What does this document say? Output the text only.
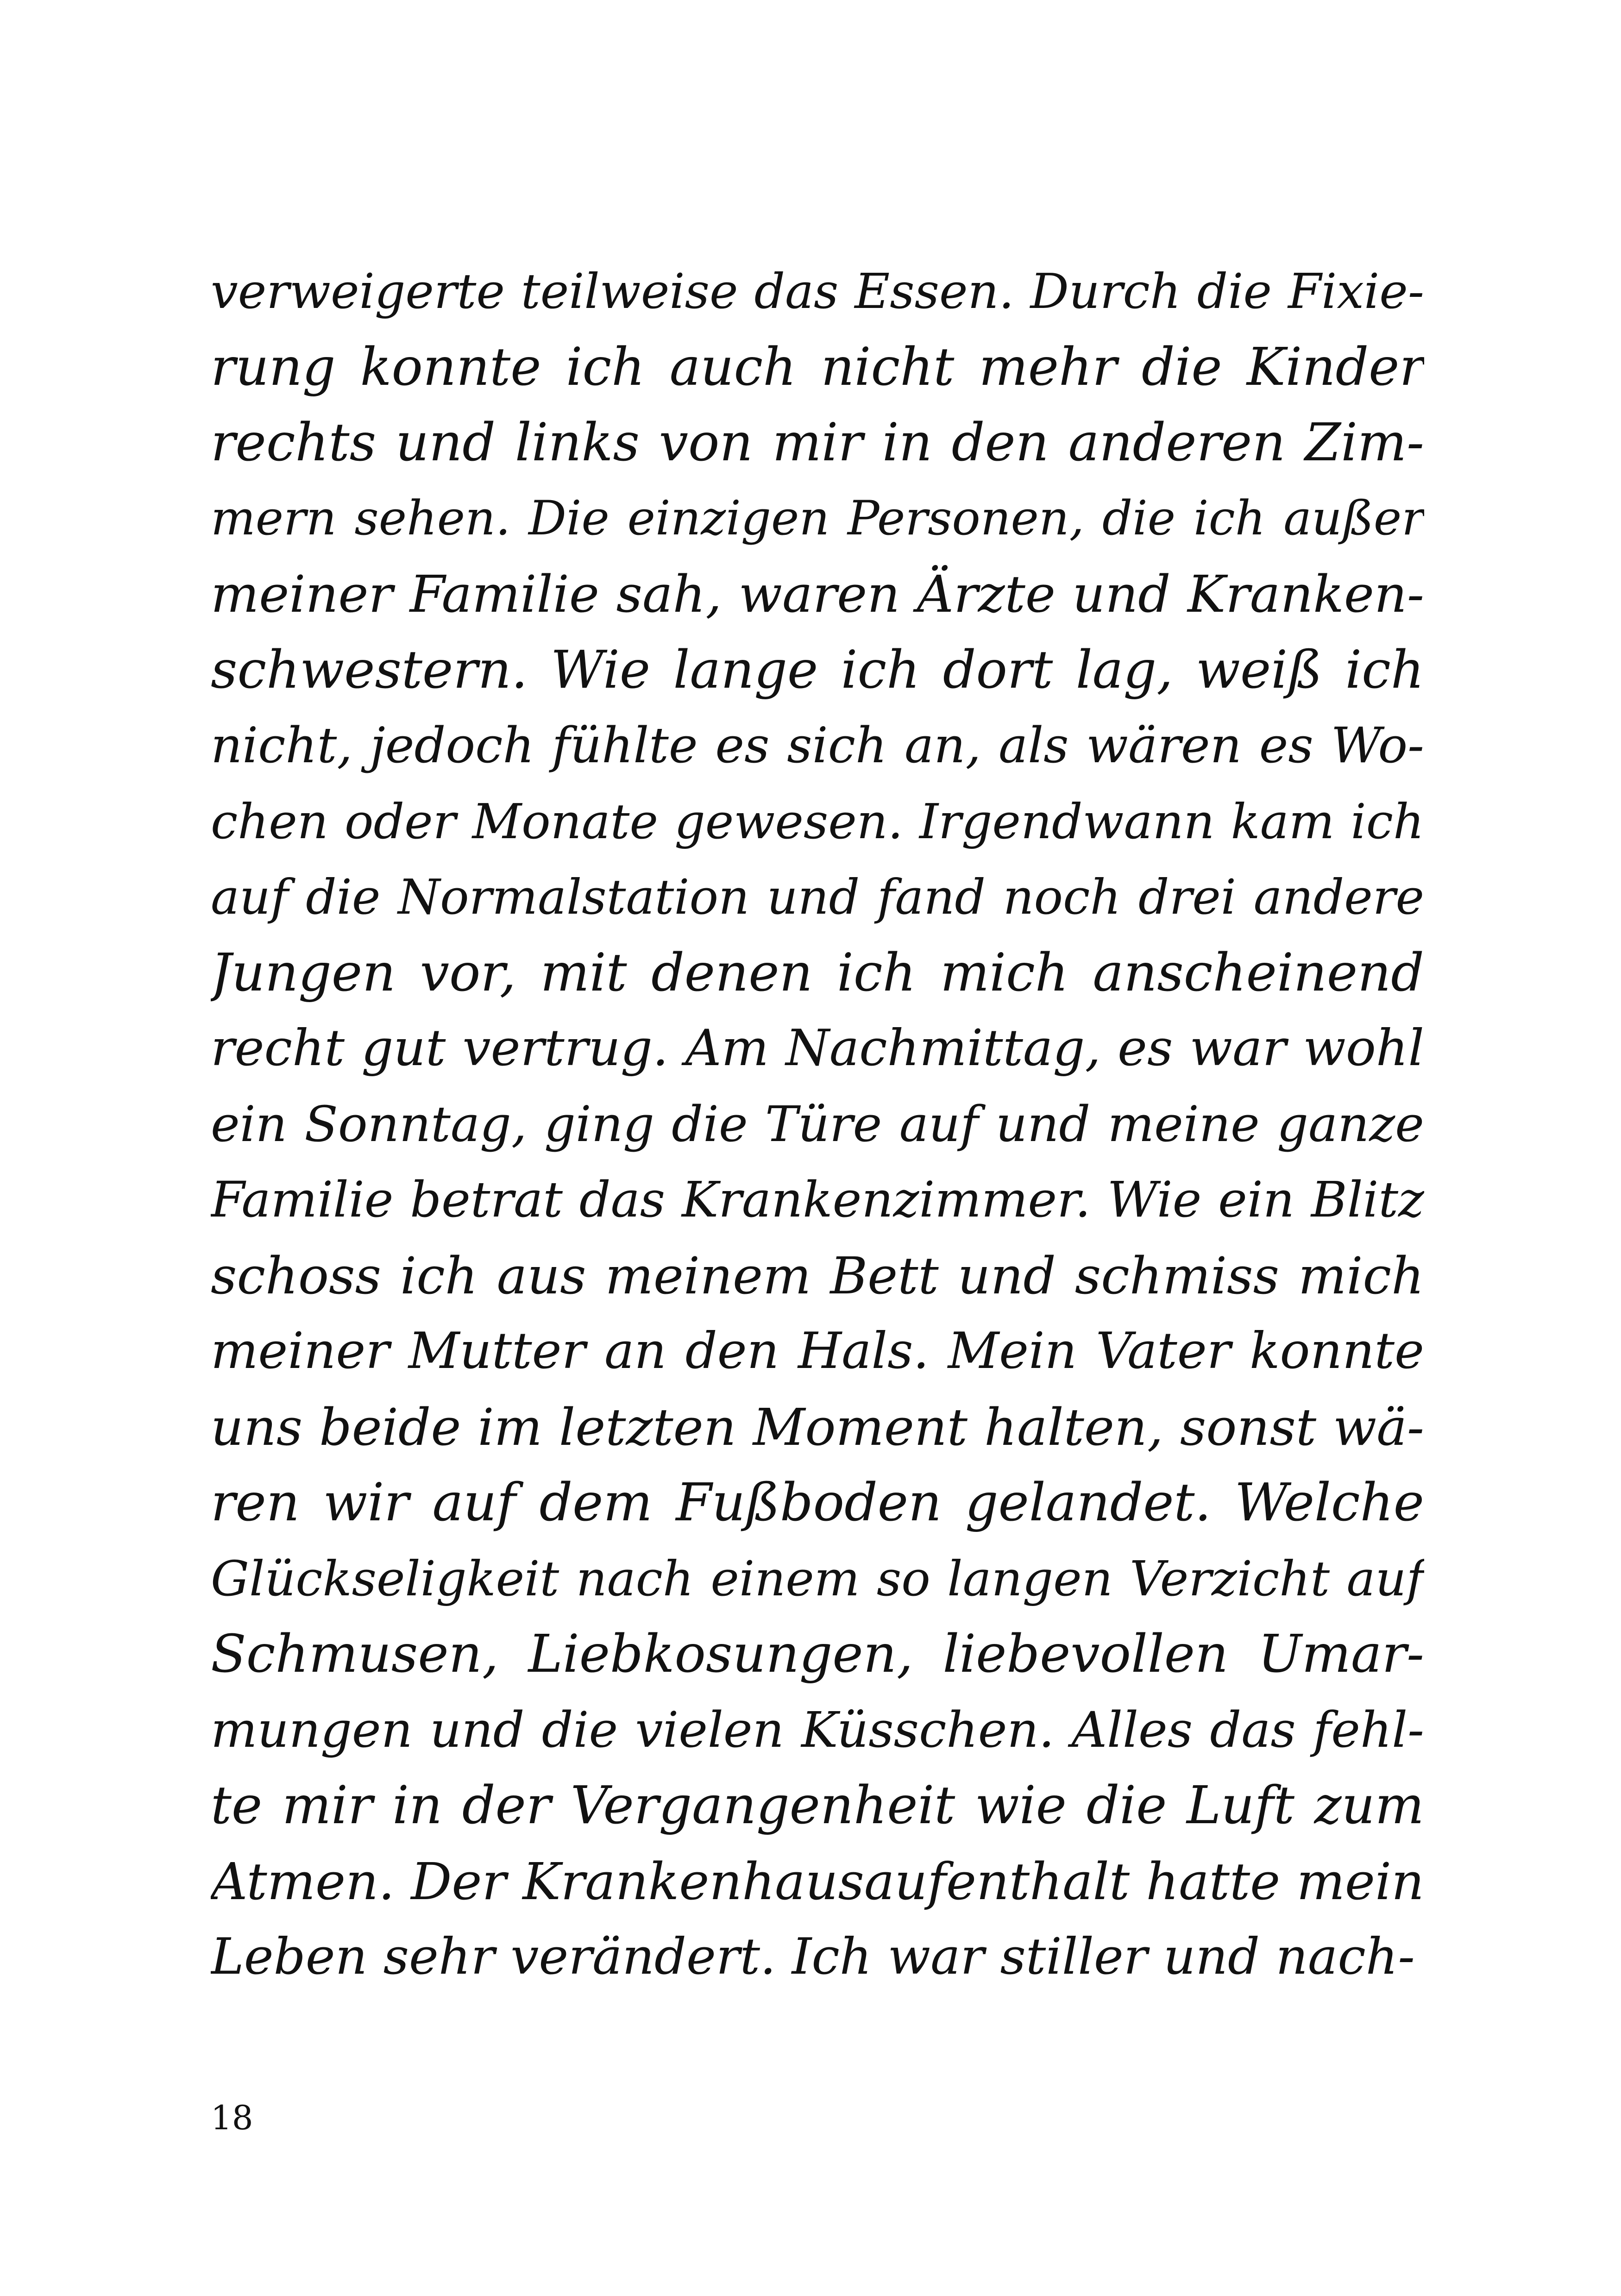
verweigerte teilweise das Essen. Durch die Fixie-
rung konnte ich auch nicht mehr die Kinder
rechts und links von mir in den anderen Zim-
mern sehen. Die einzigen Personen, die ich außer
meiner Familie sah, waren Ärzte und Kranken-
schwestern. Wie lange ich dort lag, weiß ich
nicht, jedoch fühlte es sich an, als wären es Wo-
chen oder Monate gewesen. Irgendwann kam ich
auf die Normalstation und fand noch drei andere
Jungen vor, mit denen ich mich anscheinend
recht gut vertrug. Am Nachmittag, es war wohl
ein Sonntag, ging die Türe auf und meine ganze
Familie betrat das Krankenzimmer. Wie ein Blitz
schoss ich aus meinem Bett und schmiss mich
meiner Mutter an den Hals. Mein Vater konnte
uns beide im letzten Moment halten, sonst wä-
ren wir auf dem Fußboden gelandet. Welche
Glückseligkeit nach einem so langen Verzicht auf
Schmusen, Liebkosungen, liebevollen Umar-
mungen und die vielen Küsschen. Alles das fehl-
te mir in der Vergangenheit wie die Luft zum
Atmen. Der Krankenhausaufenthalt hatte mein
Leben sehr verändert. Ich war stiller und nach-
18
